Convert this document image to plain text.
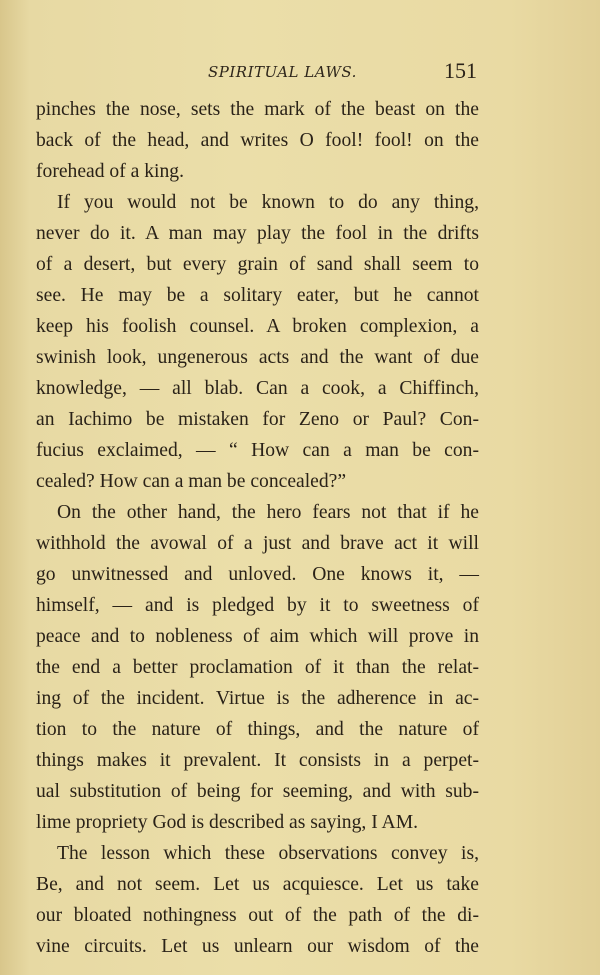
SPIRITUAL LAWS.	151
pinches the nose, sets the mark of the beast on the
back of the head, and writes O fool! fool! on the
forehead of a king.
If you would not be known to do any thing,
never do it. A man may play the fool in the drifts
of a desert, but every grain of sand shall seem to
see. He may be a solitary eater, but he cannot
keep his foolish counsel. A broken complexion, a
swinish look, ungenerous acts and the want of due
knowledge, — all blab. Can a cook, a Chiffinch,
an Iachimo be mistaken for Zeno or Paul? Con-
fucius exclaimed, — “ How can a man be con-
cealed? How can a man be concealed?”
On the other hand, the hero fears not that if he
withhold the avowal of a just and brave act it will
go unwitnessed and unloved. One knows it, —
himself, — and is pledged by it to sweetness of
peace and to nobleness of aim which will prove in
the end a better proclamation of it than the relat-
ing of the incident. Virtue is the adherence in ac-
tion to the nature of things, and the nature of
things makes it prevalent. It consists in a perpet-
ual substitution of being for seeming, and with sub-
lime propriety God is described as saying, I AM.
The lesson which these observations convey is,
Be, and not seem. Let us acquiesce. Let us take
our bloated nothingness out of the path of the di-
vine circuits. Let us unlearn our wisdom of the
